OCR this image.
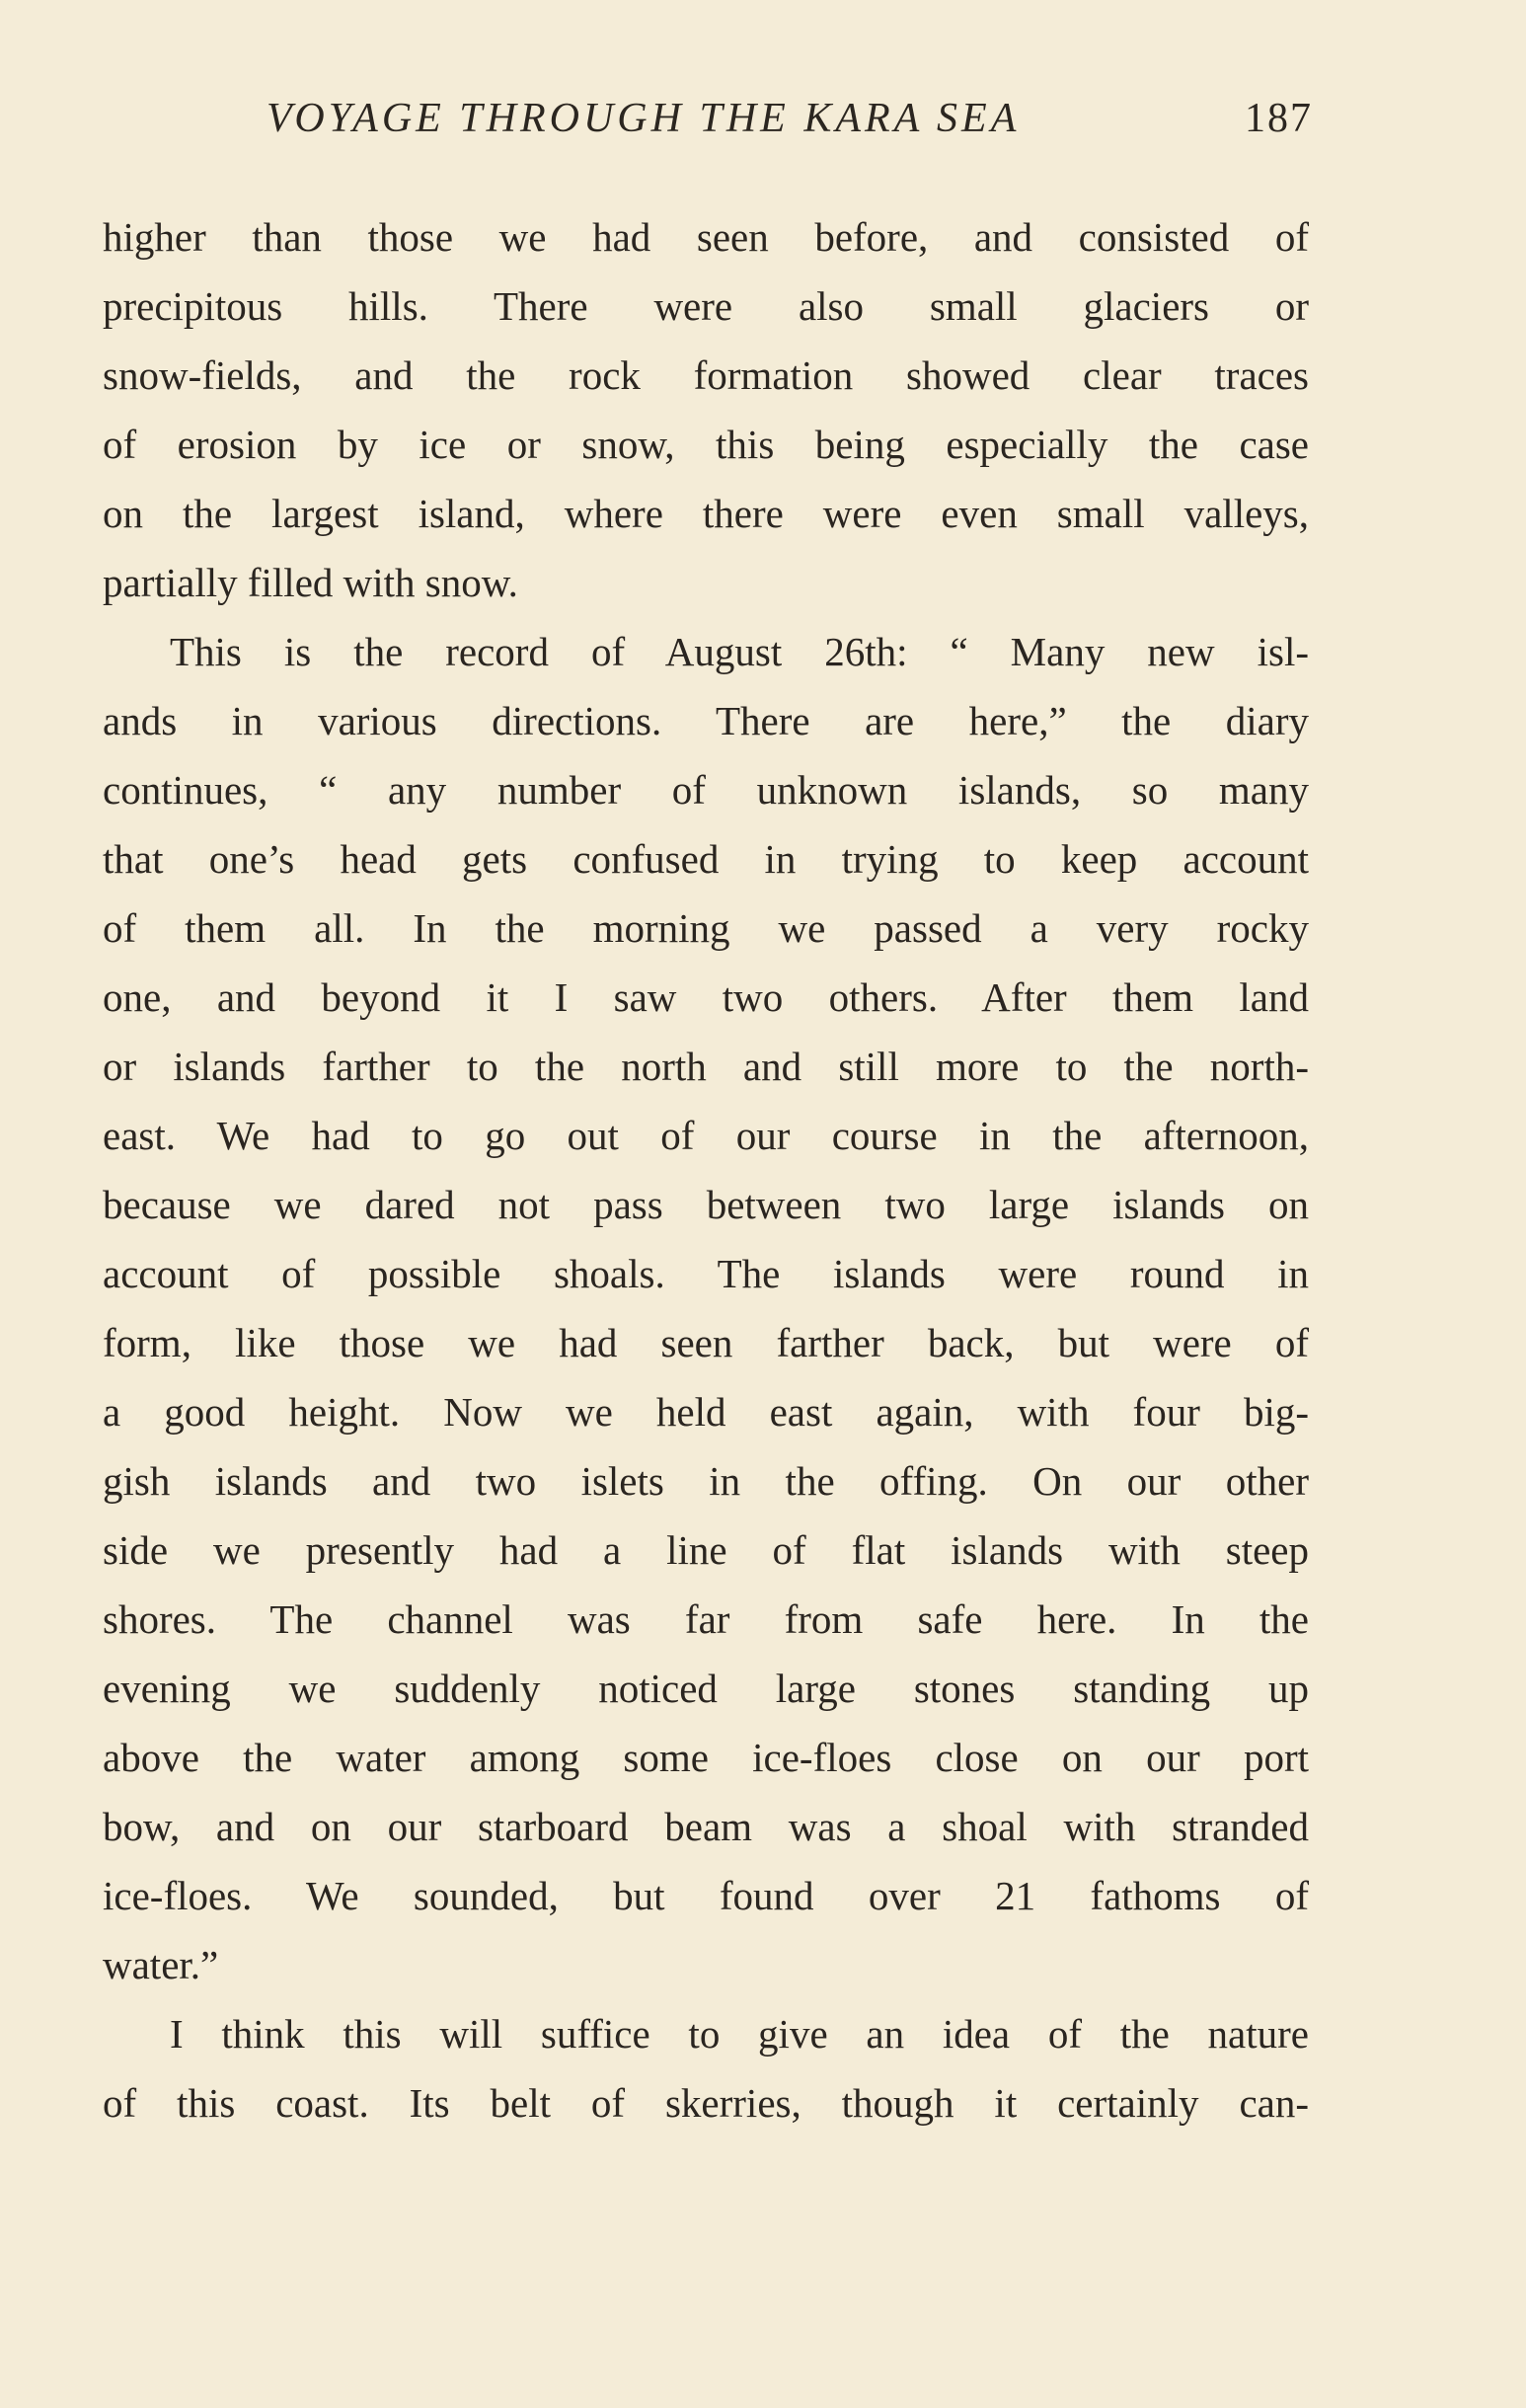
VOYAGE THROUGH THE KARA SEA	187
higher than those we had seen before, and consisted of
precipitous hills. There were also small glaciers or
snow-fields, and the rock formation showed clear traces
of erosion by ice or snow, this being especially the case
on the largest island, where there were even small valleys,
partially filled with snow.
This is the record of August 26th: “ Many new isl-
ands in various directions. There are here,” the diary
continues, “ any number of unknown islands, so many
that one’s head gets confused in trying to keep account
of them all. In the morning we passed a very rocky
one, and beyond it I saw two others. After them land
or islands farther to the north and still more to the north-
east. We had to go out of our course in the afternoon,
because we dared not pass between two large islands on
account of possible shoals. The islands were round in
form, like those we had seen farther back, but were of
a good height. Now we held east again, with four big-
gish islands and two islets in the offing. On our other
side we presently had a line of flat islands with steep
shores. The channel was far from safe here. In the
evening we suddenly noticed large stones standing up
above the water among some ice-floes close on our port
bow, and on our starboard beam was a shoal with stranded
ice-floes. We sounded, but found over 21 fathoms of
water.”
I think this will suffice to give an idea of the nature
of this coast. Its belt of skerries, though it certainly can-
